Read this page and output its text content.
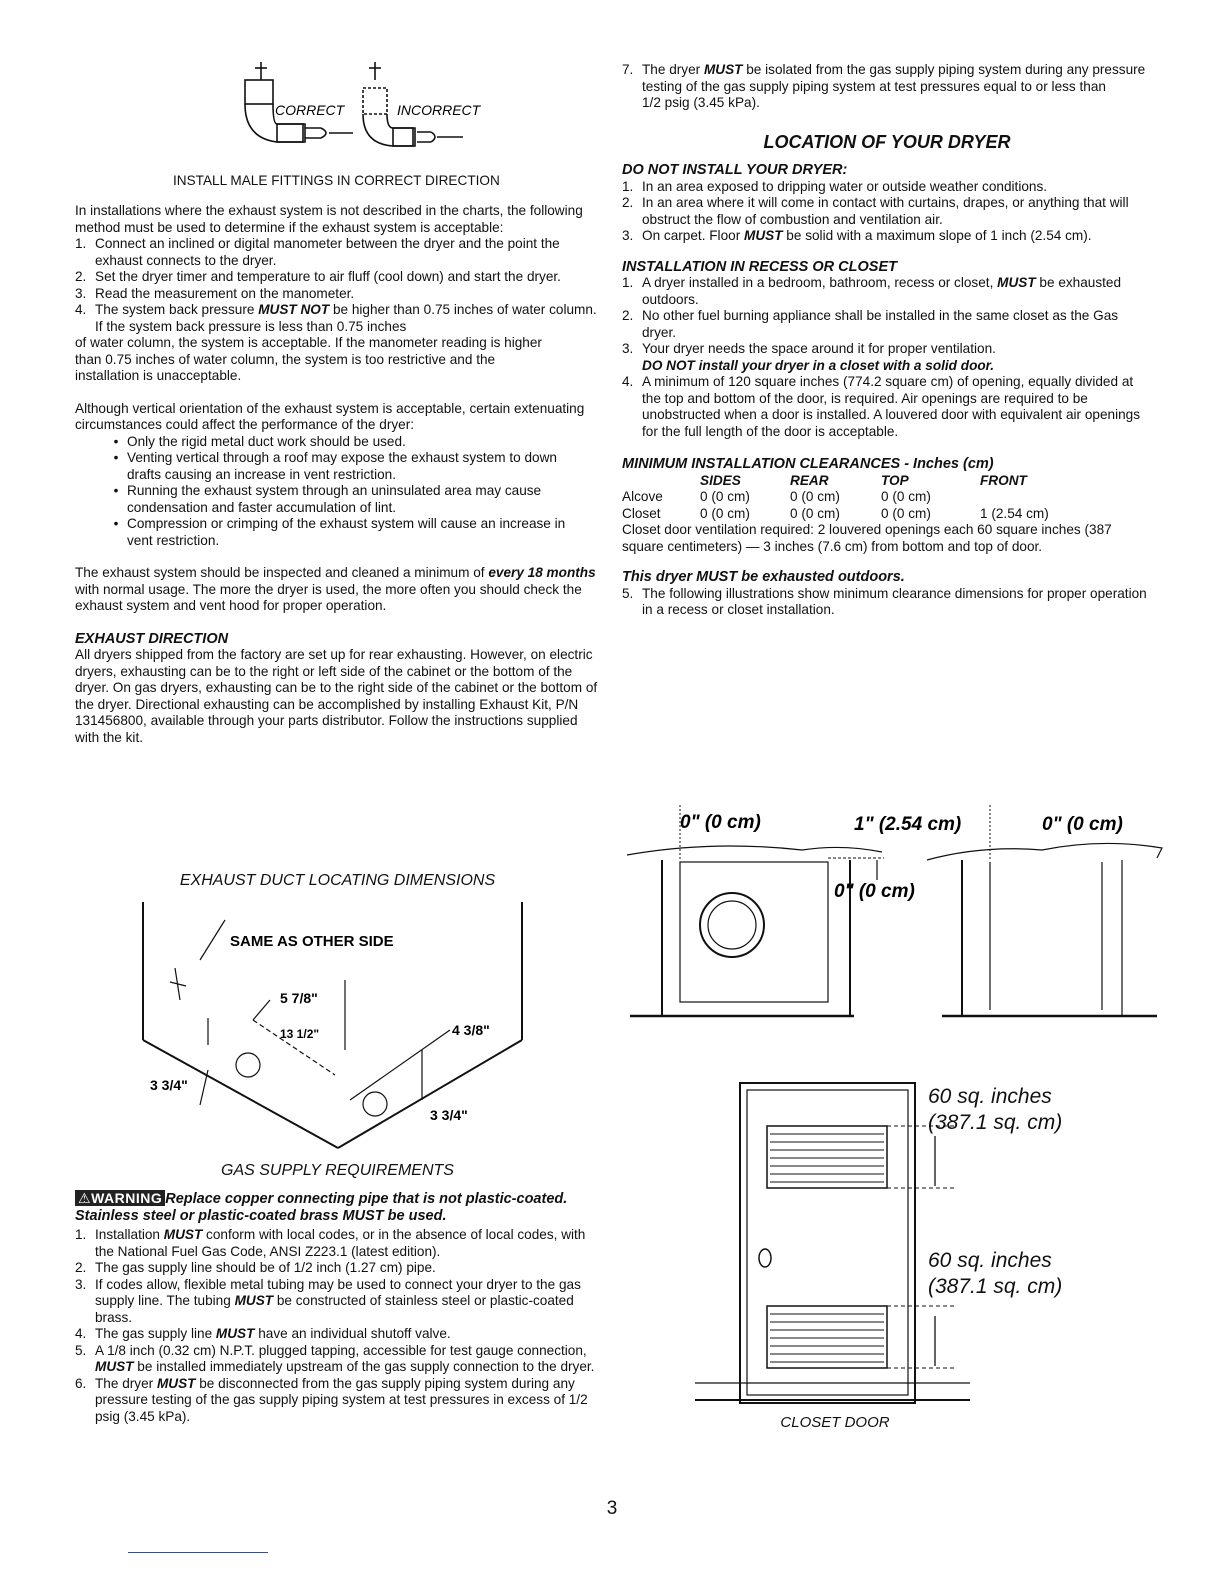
CORRECT	INCORRECT
INSTALL MALE FITTINGS IN CORRECT DIRECTION

In installations where the exhaust system is not described in the charts, the following method must be used to determine if the exhaust system is acceptable:

1. Connect an inclined or digital manometer between the dryer and the point the exhaust connects to the dryer.
2. Set the dryer timer and temperature to air fluff (cool down) and start the dryer.
3. Read the measurement on the manometer.
4. The system back pressure MUST NOT be higher than 0.75 inches of water column. If the system back pressure is less than 0.75 inches

of water column, the system is acceptable. If the manometer reading is higher than 0.75 inches of water column, the system is too restrictive and the installation is unacceptable.

Although vertical orientation of the exhaust system is acceptable, certain extenuating circumstances could affect the performance of the dryer:

• Only the rigid metal duct work should be used.
• Venting vertical through a roof may expose the exhaust system to down drafts causing an increase in vent restriction.
• Running the exhaust system through an uninsulated area may cause condensation and faster accumulation of lint.
• Compression or crimping of the exhaust system will cause an increase in vent restriction.

The exhaust system should be inspected and cleaned a minimum of every 18 months with normal usage. The more the dryer is used, the more often you should check the exhaust system and vent hood for proper operation.

EXHAUST DIRECTION

All dryers shipped from the factory are set up for rear exhausting. However, on electric dryers, exhausting can be to the right or left side of the cabinet or the bottom of the dryer. On gas dryers, exhausting can be to the right side of the cabinet or the bottom of the dryer. Directional exhausting can be accomplished by installing Exhaust Kit, P/N 131456800, available through your parts distributor. Follow the instructions supplied with the kit.

EXHAUST DUCT LOCATING DIMENSIONS
SAME AS OTHER SIDE
5 7/8"
13 1/2"	4 3/8"
3 3/4"
3 3/4"
GAS SUPPLY REQUIREMENTS

⚠WARNING Replace copper connecting pipe that is not plastic-coated. Stainless steel or plastic-coated brass MUST be used.

1. Installation MUST conform with local codes, or in the absence of local codes, with the National Fuel Gas Code, ANSI Z223.1 (latest edition).
2. The gas supply line should be of 1/2 inch (1.27 cm) pipe.
3. If codes allow, flexible metal tubing may be used to connect your dryer to the gas supply line. The tubing MUST be constructed of stainless steel or plastic-coated brass.
4. The gas supply line MUST have an individual shutoff valve.
5. A 1/8 inch (0.32 cm) N.P.T. plugged tapping, accessible for test gauge connection, MUST be installed immediately upstream of the gas supply connection to the dryer.
6. The dryer MUST be disconnected from the gas supply piping system during any pressure testing of the gas supply piping system at test pressures in excess of 1/2 psig (3.45 kPa).
7. The dryer MUST be isolated from the gas supply piping system during any pressure testing of the gas supply piping system at test pressures equal to or less than
1/2 psig (3.45 kPa).

LOCATION OF YOUR DRYER

DO NOT INSTALL YOUR DRYER:

1. In an area exposed to dripping water or outside weather conditions.
2. In an area where it will come in contact with curtains, drapes, or anything that will obstruct the flow of combustion and ventilation air.
3. On carpet. Floor MUST be solid with a maximum slope of 1 inch (2.54 cm).

INSTALLATION IN RECESS OR CLOSET

1. A dryer installed in a bedroom, bathroom, recess or closet, MUST be exhausted outdoors.
2. No other fuel burning appliance shall be installed in the same closet as the Gas dryer.
3. Your dryer needs the space around it for proper ventilation.
DO NOT install your dryer in a closet with a solid door.
4. A minimum of 120 square inches (774.2 square cm) of opening, equally divided at the top and bottom of the door, is required. Air openings are required to be unobstructed when a door is installed. A louvered door with equivalent air openings for the full length of the door is acceptable.

MINIMUM INSTALLATION CLEARANCES - Inches (cm)

	SIDES	REAR	TOP	FRONT
Alcove	0 (0 cm)	0 (0 cm)	0 (0 cm)	
Closet	0 (0 cm)	0 (0 cm)	0 (0 cm)	1 (2.54 cm)

Closet door ventilation required: 2 louvered openings each 60 square inches (387 square centimeters) — 3 inches (7.6 cm) from bottom and top of door.

This dryer MUST be exhausted outdoors.

5. The following illustrations show minimum clearance dimensions for proper operation in a recess or closet installation.
0" (0 cm)
0" (0 cm)
1" (2.54 cm)	0" (0 cm)
60 sq. inches
(387.1 sq. cm)
60 sq. inches
(387.1 sq. cm)
CLOSET DOOR
3
